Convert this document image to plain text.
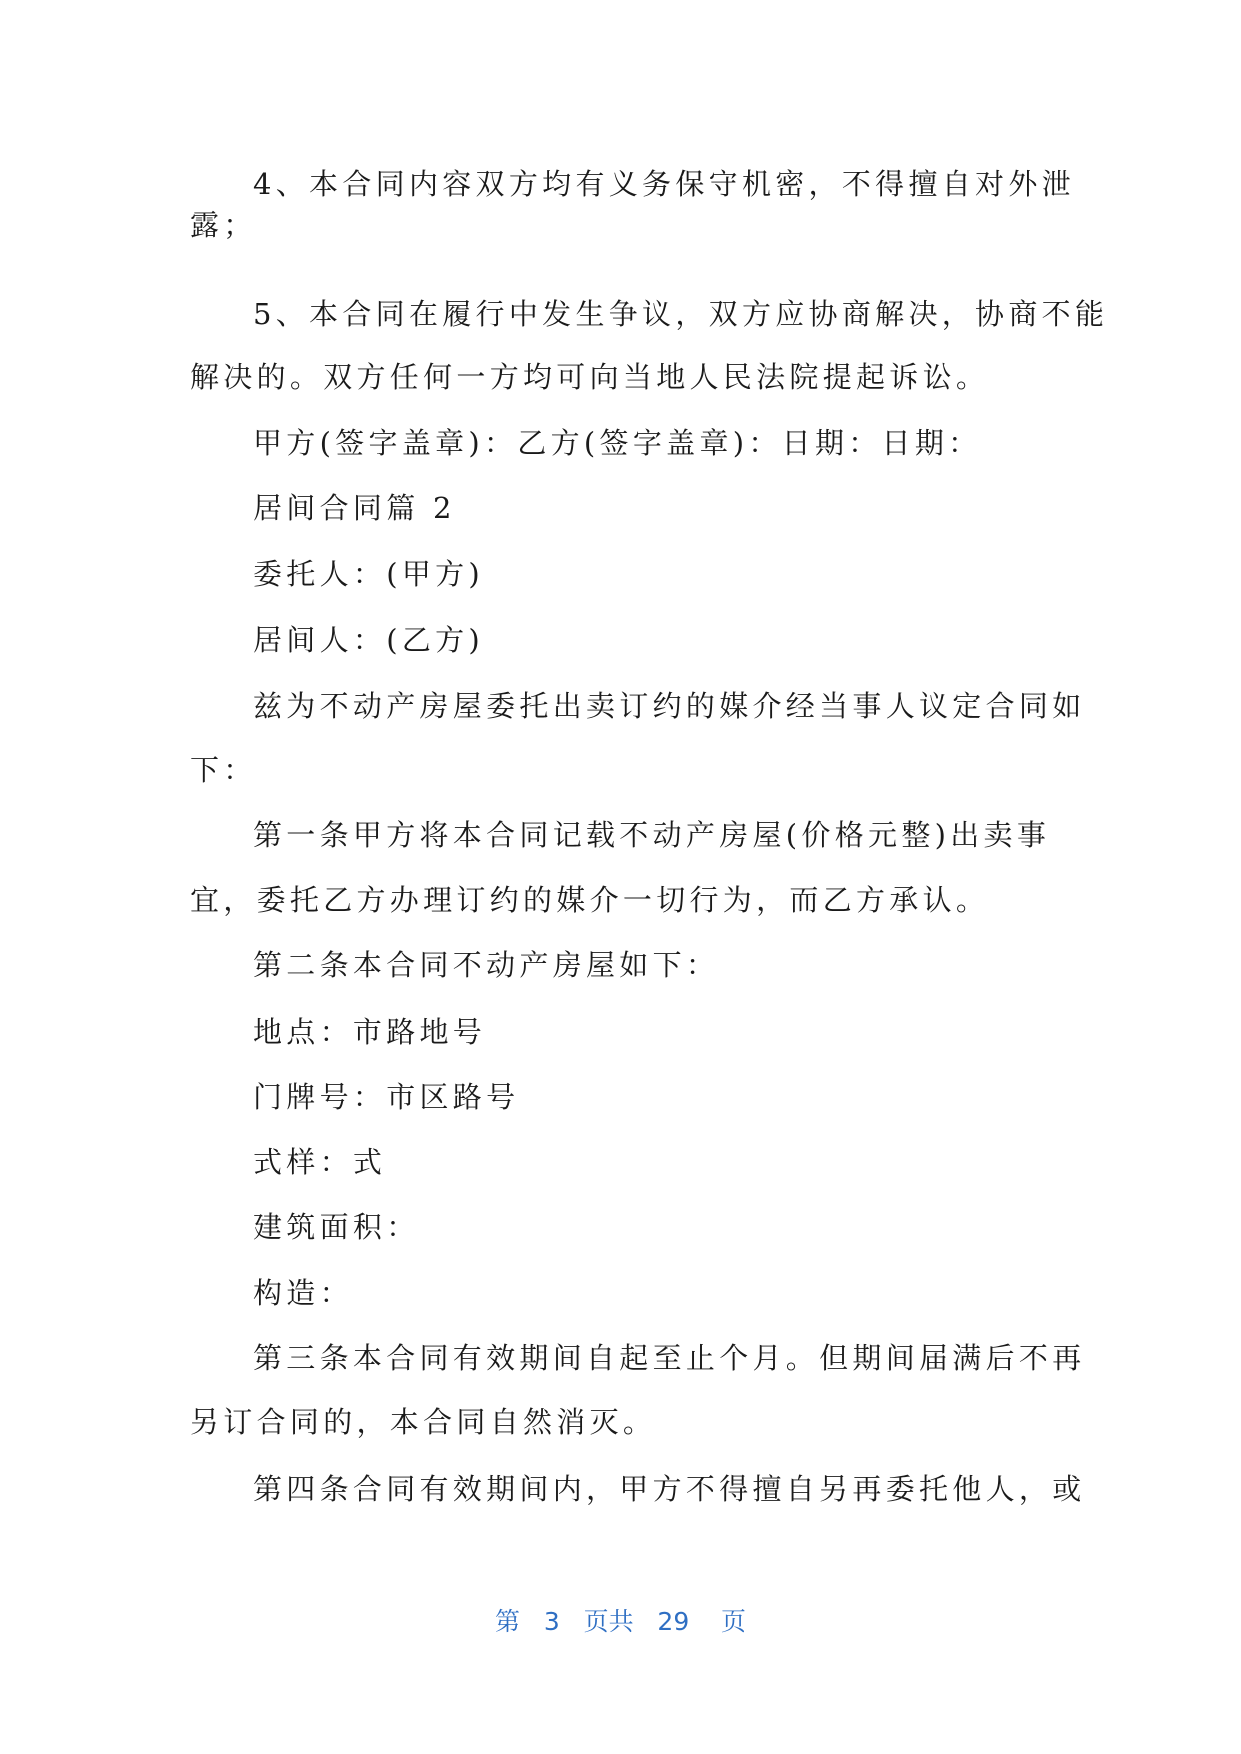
4、本合同内容双方均有义务保守机密，不得擅自对外泄
露；
5、本合同在履行中发生争议，双方应协商解决，协商不能
解决的。双方任何一方均可向当地人民法院提起诉讼。
甲方(签字盖章)：乙方(签字盖章)：日期：日期：
居间合同篇 2
委托人：(甲方)
居间人：(乙方)
兹为不动产房屋委托出卖订约的媒介经当事人议定合同如
下：
第一条甲方将本合同记载不动产房屋(价格元整)出卖事
宜，委托乙方办理订约的媒介一切行为，而乙方承认。
第二条本合同不动产房屋如下：
地点：市路地号
门牌号：市区路号
式样：式
建筑面积：
构造：
第三条本合同有效期间自起至止个月。但期间届满后不再
另订合同的，本合同自然消灭。
第四条合同有效期间内，甲方不得擅自另再委托他人，或
第 3 页共 29 页
